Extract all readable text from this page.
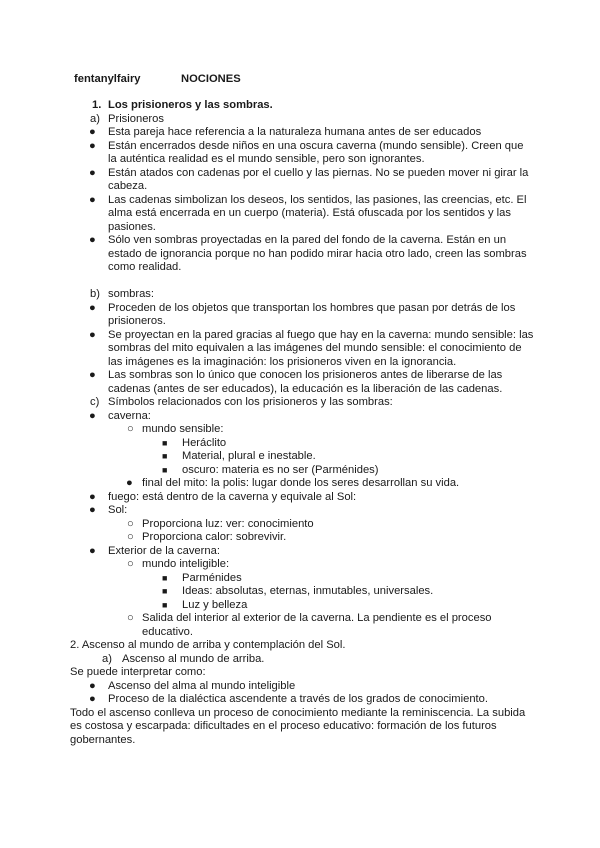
fentanylfairy	NOCIONES
1. Los prisioneros y las sombras.
a) Prisioneros
● Esta pareja hace referencia a la naturaleza humana antes de ser educados
● Están encerrados desde niños en una oscura caverna (mundo sensible). Creen que la auténtica realidad es el mundo sensible, pero son ignorantes.
● Están atados con cadenas por el cuello y las piernas. No se pueden mover ni girar la cabeza.
● Las cadenas simbolizan los deseos, los sentidos, las pasiones, las creencias, etc. El alma está encerrada en un cuerpo (materia). Está ofuscada por los sentidos y las pasiones.
● Sólo ven sombras proyectadas en la pared del fondo de la caverna. Están en un estado de ignorancia porque no han podido mirar hacia otro lado, creen las sombras como realidad.
b) sombras:
● Proceden de los objetos que transportan los hombres que pasan por detrás de los prisioneros.
● Se proyectan en la pared gracias al fuego que hay en la caverna: mundo sensible: las sombras del mito equivalen a las imágenes del mundo sensible: el conocimiento de las imágenes es la imaginación: los prisioneros viven en la ignorancia.
● Las sombras son lo único que conocen los prisioneros antes de liberarse de las cadenas (antes de ser educados), la educación es la liberación de las cadenas.
c) Símbolos relacionados con los prisioneros y las sombras:
● caverna:
○ mundo sensible:
■ Heráclito
■ Material, plural e inestable.
■ oscuro: materia es no ser (Parménides)
● final del mito: la polis: lugar donde los seres desarrollan su vida.
● fuego: está dentro de la caverna y equivale al Sol:
● Sol:
○ Proporciona luz: ver: conocimiento
○ Proporciona calor: sobrevivir.
● Exterior de la caverna:
○ mundo inteligible:
■ Parménides
■ Ideas: absolutas, eternas, inmutables, universales.
■ Luz y belleza
○ Salida del interior al exterior de la caverna. La pendiente es el proceso educativo.
2. Ascenso al mundo de arriba y contemplación del Sol.
a) Ascenso al mundo de arriba.
Se puede interpretar como:
● Ascenso del alma al mundo inteligible
● Proceso de la dialéctica ascendente a través de los grados de conocimiento.
Todo el ascenso conlleva un proceso de conocimiento mediante la reminiscencia. La subida es costosa y escarpada: dificultades en el proceso educativo: formación de los futuros gobernantes.
